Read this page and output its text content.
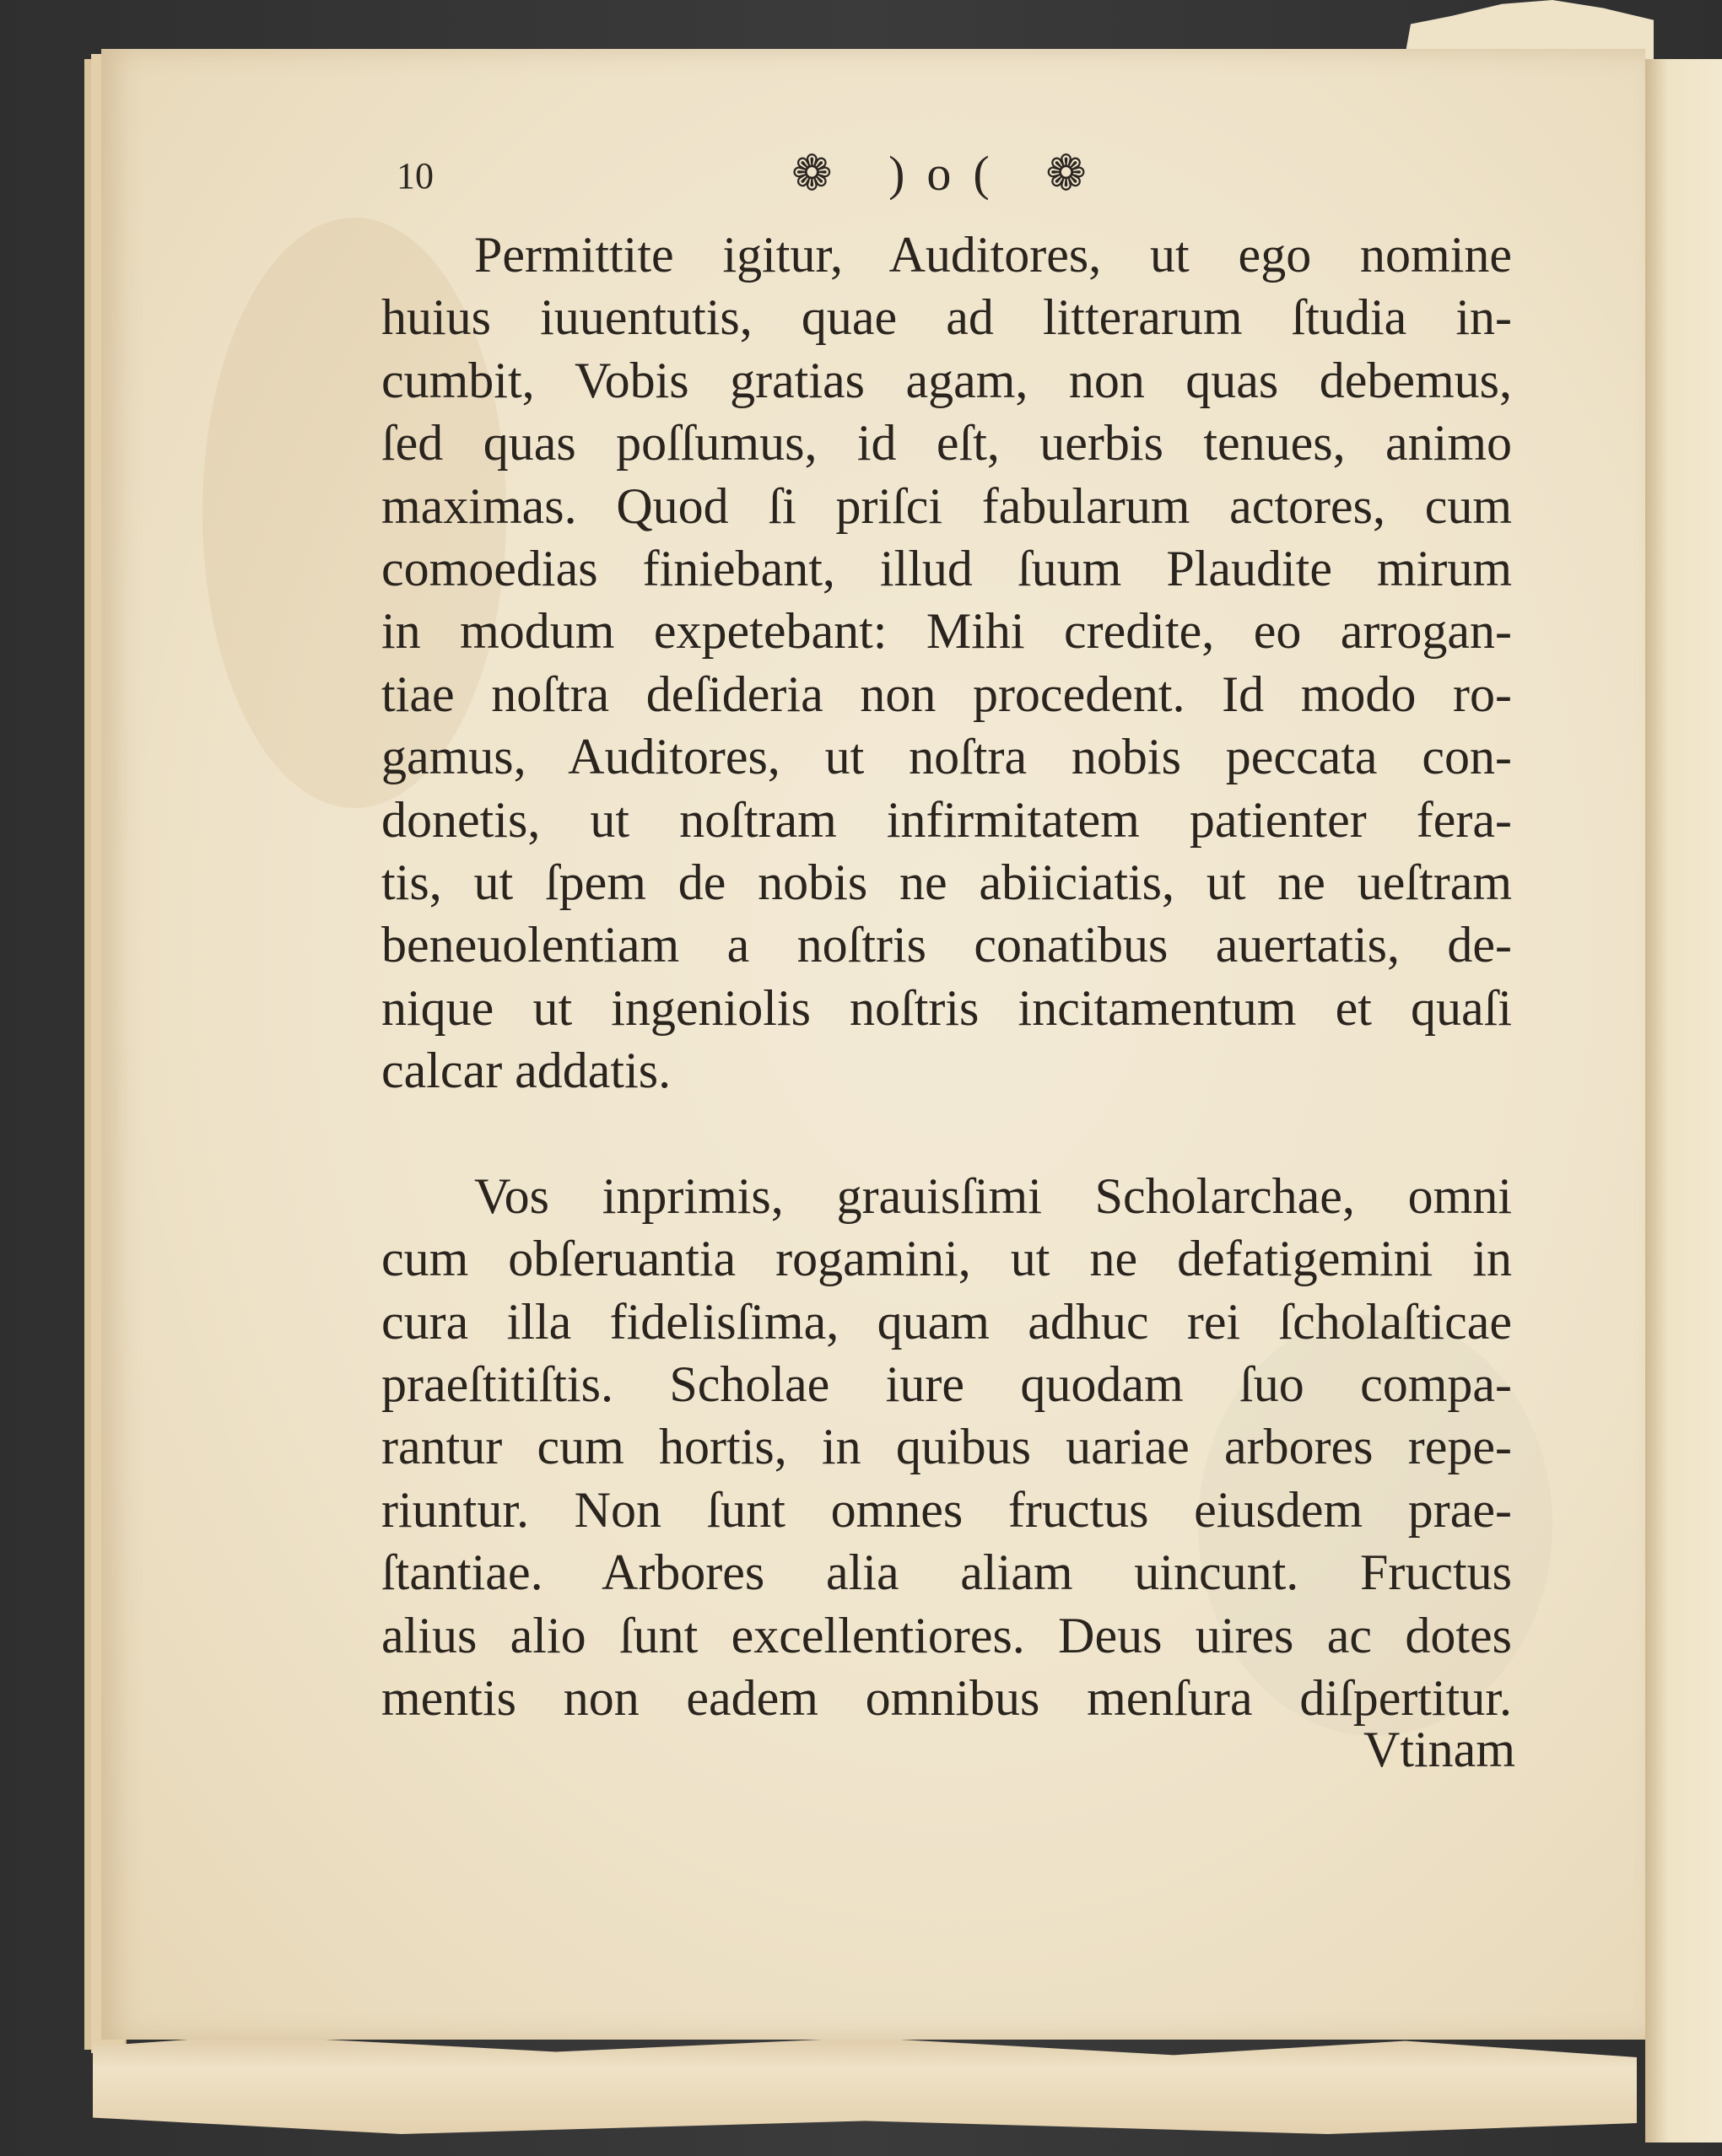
10	❁ )o( ❁
Permittite igitur, Auditores, ut ego nomine
huius iuuentutis, quae ad litterarum ſtudia in-
cumbit, Vobis gratias agam, non quas debemus,
ſed quas poſſumus, id eſt, uerbis tenues, animo
maximas. Quod ſi priſci fabularum actores, cum
comoedias finiebant, illud ſuum Plaudite mirum
in modum expetebant: Mihi credite, eo arrogan-
tiae noſtra deſideria non procedent. Id modo ro-
gamus, Auditores, ut noſtra nobis peccata con-
donetis, ut noſtram infirmitatem patienter fera-
tis, ut ſpem de nobis ne abiiciatis, ut ne ueſtram
beneuolentiam a noſtris conatibus auertatis, de-
nique ut ingeniolis noſtris incitamentum et quaſi
calcar addatis.
Vos inprimis, grauisſimi Scholarchae, omni
cum obſeruantia rogamini, ut ne defatigemini in
cura illa fidelisſima, quam adhuc rei ſcholaſticae
praeſtitiſtis. Scholae iure quodam ſuo compa-
rantur cum hortis, in quibus uariae arbores repe-
riuntur. Non ſunt omnes fructus eiusdem prae-
ſtantiae. Arbores alia aliam uincunt. Fructus
alius alio ſunt excellentiores. Deus uires ac dotes
mentis non eadem omnibus menſura diſpertitur.
Vtinam
